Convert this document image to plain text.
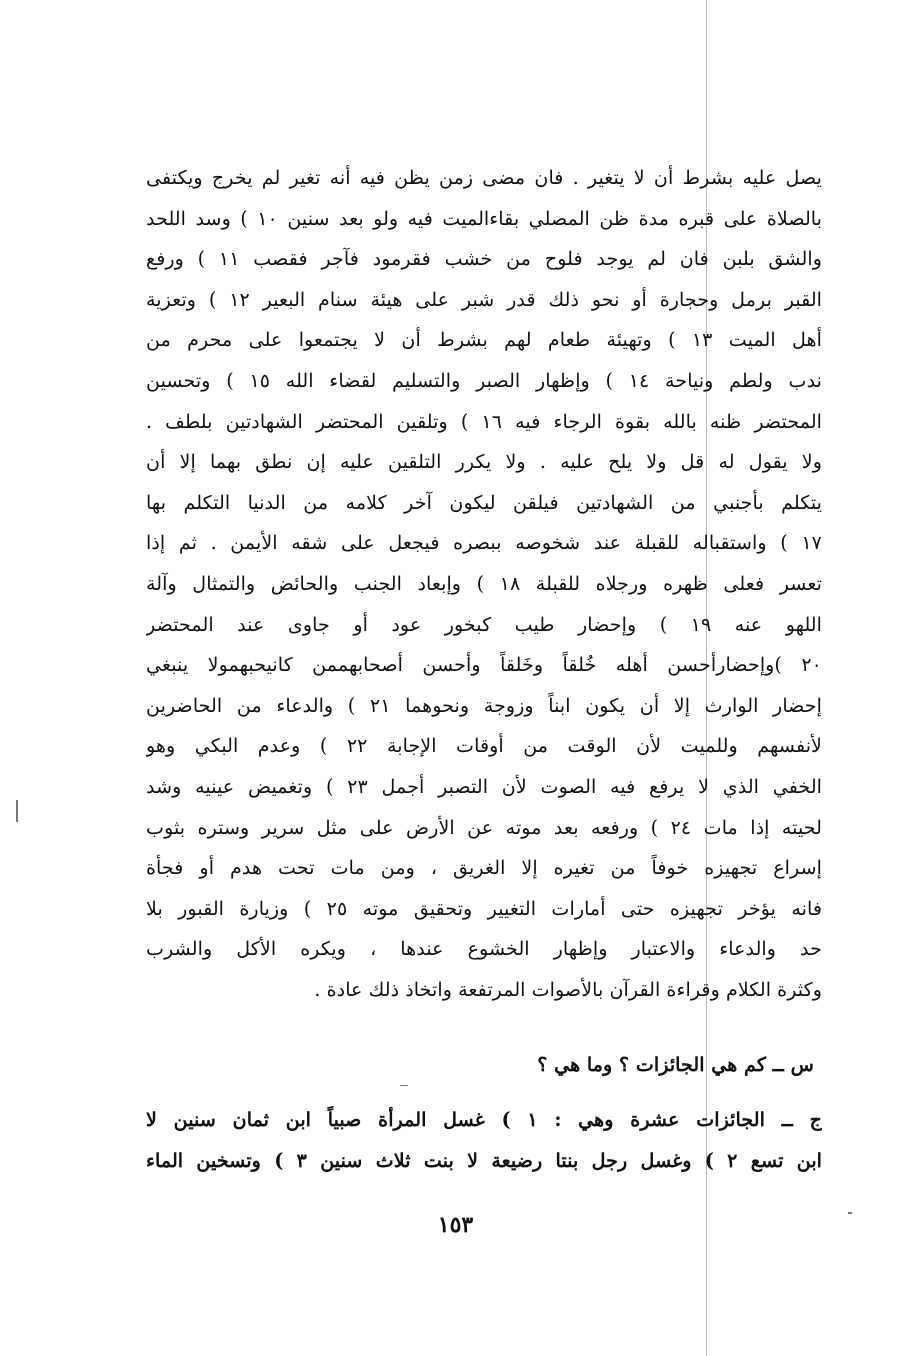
يصل عليه بشرط أن لا يتغير . فان مضى زمن يظن فيه أنه تغير لم يخرج ويكتفى
بالصلاة على قبره مدة ظن المصلي بقاءالميت فيه ولو بعد سنين ١٠ ) وسد اللحد
والشق بلبن فان لم يوجد فلوح من خشب فقرمود فآجر فقصب ١١ ) ورفع
القبر برمل وحجارة أو نحو ذلك قدر شبر على هيئة سنام البعير ١٢ ) وتعزية
أهل الميت ١٣ ) وتهيئة طعام لهم بشرط أن لا يجتمعوا على محرم من
ندب ولطم ونياحة ١٤ ) وإظهار الصبر والتسليم لقضاء الله ١٥ ) وتحسين
المحتضر ظنه بالله بقوة الرجاء فيه ١٦ ) وتلقين المحتضر الشهادتين بلطف .
ولا يقول له قل ولا يلح عليه . ولا يكرر التلقين عليه إن نطق بهما إلا أن
يتكلم بأجنبي من الشهادتين فيلقن ليكون آخر كلامه من الدنيا التكلم بها
١٧ ) واستقباله للقبلة عند شخوصه ببصره فيجعل على شقه الأيمن . ثم إذا
تعسر فعلى ظهره ورجلاه للقبلة ١٨ ) وإبعاد الجنب والحائض والتمثال وآلة
اللهو عنه ١٩ ) وإحضار طيب كبخور عود أو جاوى عند المحتضر
٢٠ )وإحضارأحسن أهله خُلقاً وخَلقاً وأحسن أصحابهممن كانيحبهمولا ينبغي
إحضار الوارث إلا أن يكون ابناً وزوجة ونحوهما ٢١ ) والدعاء من الحاضرين
لأنفسهم وللميت لأن الوقت من أوقات الإجابة ٢٢ ) وعدم البكي وهو
الخفي الذي لا يرفع فيه الصوت لأن التصبر أجمل ٢٣ ) وتغميض عينيه وشد
لحيته إذا مات ٢٤ ) ورفعه بعد موته عن الأرض على مثل سرير وستره بثوب
إسراع تجهيزه خوفاً من تغيره إلا الغريق ، ومن مات تحت هدم أو فجأة
فانه يؤخر تجهيزه حتى أمارات التغيير وتحقيق موته ٢٥ ) وزيارة القبور بلا
حد والدعاء والاعتبار وإظهار الخشوع عندها ، ويكره الأكل والشرب
وكثرة الكلام وقراءة القرآن بالأصوات المرتفعة واتخاذ ذلك عادة .
س ــ كم هي الجائزات ؟ وما هي ؟
ج ــ الجائزات عشرة وهي : ١ ) غسل المرأة صبياً ابن ثمان سنين لا
ابن تسع ٢ ) وغسل رجل بنتا رضيعة لا بنت ثلاث سنين ٣ ) وتسخين الماء
١٥٣
